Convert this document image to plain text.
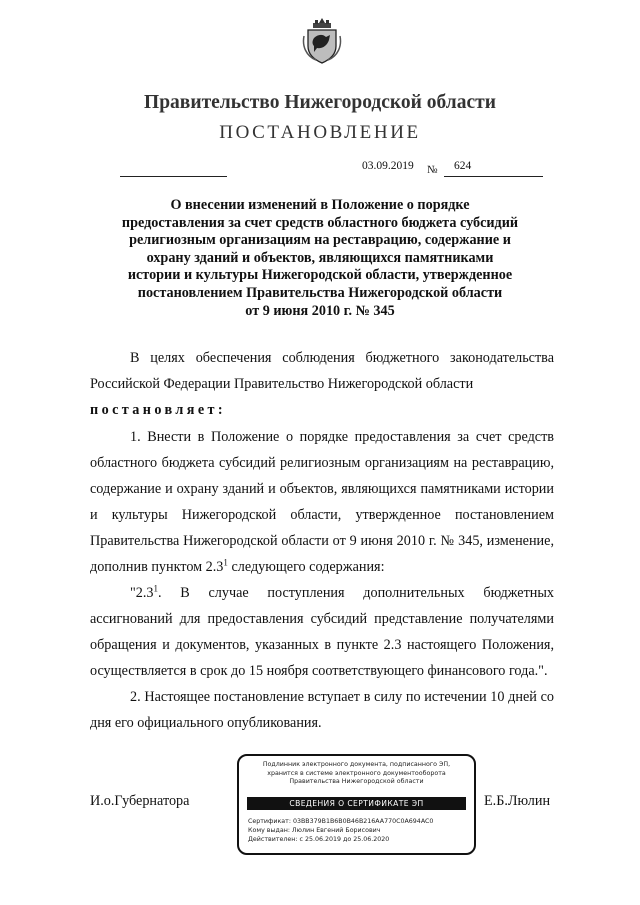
Правительство Нижегородской области
ПОСТАНОВЛЕНИЕ
03.09.2019 № 624
О внесении изменений в Положение о порядке
предоставления за счет средств областного бюджета субсидий
религиозным организациям на реставрацию, содержание и
охрану зданий и объектов, являющихся памятниками
истории и культуры Нижегородской области, утвержденное
постановлением Правительства Нижегородской области
от 9 июня 2010 г. № 345
В целях обеспечения соблюдения бюджетного законодательства Российской Федерации Правительство Нижегородской области
постановляет:
1. Внести в Положение о порядке предоставления за счет средств областного бюджета субсидий религиозным организациям на реставрацию, содержание и охрану зданий и объектов, являющихся памятниками истории и культуры Нижегородской области, утвержденное постановлением Правительства Нижегородской области от 9 июня 2010 г. № 345, изменение, дополнив пунктом $2.3^1$ следующего содержания:
"$2.3^1$. В случае поступления дополнительных бюджетных ассигнований для предоставления субсидий представление получателями обращения и документов, указанных в пункте 2.3 настоящего Положения, осуществляется в срок до 15 ноября соответствующего финансового года.".
2. Настоящее постановление вступает в силу по истечении 10 дней со дня его официального опубликования.
И.о.Губернатора	Е.Б.Люлин
Подлинник электронного документа, подписанного ЭП,
хранится в системе электронного документооборота
Правительства Нижегородской области
СВЕДЕНИЯ О СЕРТИФИКАТЕ ЭП
Сертификат: 03BB379B1B6B0B46B216AA770C0A694AC0
Кому выдан: Люлин Евгений Борисович
Действителен: с 25.06.2019 до 25.06.2020
